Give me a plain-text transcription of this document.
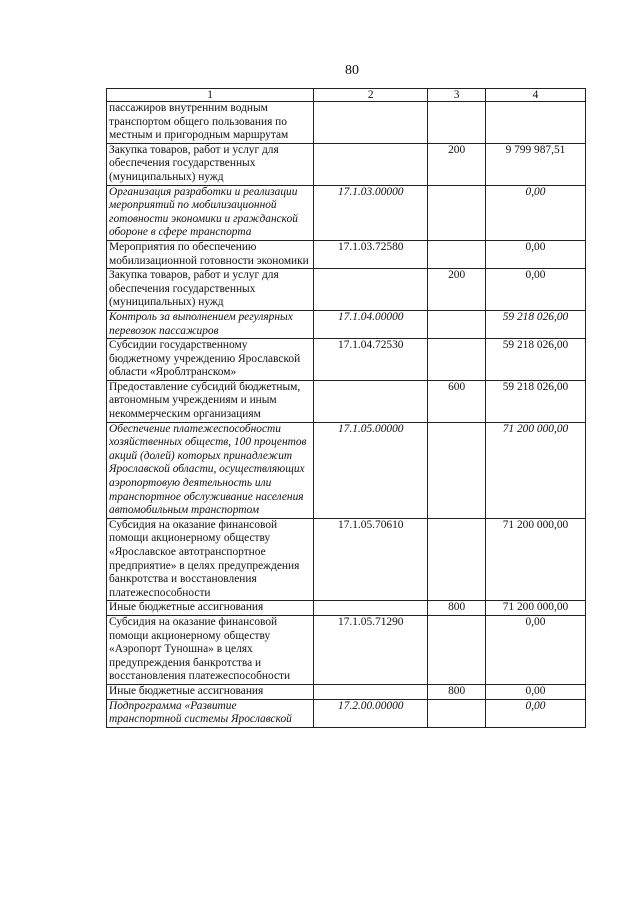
80
1	2	3	4
пассажиров внутренним водным транспортом общего пользования по местным и пригородным маршрутам			
Закупка товаров, работ и услуг для обеспечения государственных (муниципальных) нужд		200	9 799 987,51
Организация разработки и реализации мероприятий по мобилизационной готовности экономики и гражданской обороне в сфере транспорта	17.1.03.00000		0,00
Мероприятия по обеспечению мобилизационной готовности экономики	17.1.03.72580		0,00
Закупка товаров, работ и услуг для обеспечения государственных (муниципальных) нужд		200	0,00
Контроль за выполнением регулярных перевозок пассажиров	17.1.04.00000		59 218 026,00
Субсидии государственному бюджетному учреждению Ярославской области «Яроблтранском»	17.1.04.72530		59 218 026,00
Предоставление субсидий бюджетным, автономным учреждениям и иным некоммерческим организациям		600	59 218 026,00
Обеспечение платежеспособности хозяйственных обществ, 100 процентов акций (долей) которых принадлежит Ярославской области, осуществляющих аэропортовую деятельность или транспортное обслуживание населения автомобильным транспортом	17.1.05.00000		71 200 000,00
Субсидия на оказание финансовой помощи акционерному обществу «Ярославское автотранспортное предприятие» в целях предупреждения банкротства и восстановления платежеспособности	17.1.05.70610		71 200 000,00
Иные бюджетные ассигнования		800	71 200 000,00
Субсидия на оказание финансовой помощи акционерному обществу «Аэропорт Туношна» в целях предупреждения банкротства и восстановления платежеспособности	17.1.05.71290		0,00
Иные бюджетные ассигнования		800	0,00
Подпрограмма «Развитие транспортной системы Ярославской	17.2.00.00000		0,00
